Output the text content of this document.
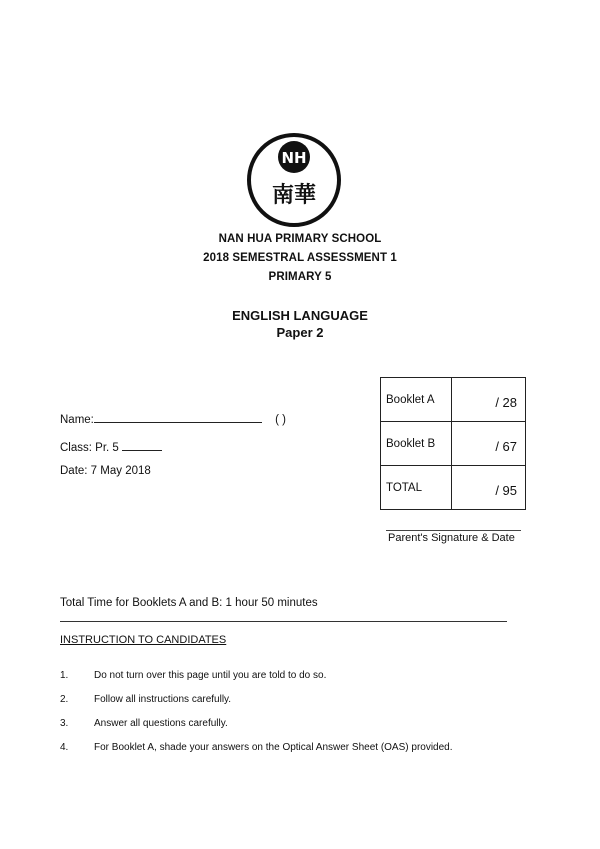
NH
南華
NAN HUA PRIMARY SCHOOL
2018 SEMESTRAL ASSESSMENT 1
PRIMARY 5
ENGLISH LANGUAGE
Paper 2
Booklet A	/ 28
Booklet B	/ 67
TOTAL	/ 95
Name:	( )
Class: Pr. 5
Date: 7 May 2018
Parent's Signature & Date
Total Time for Booklets A and B: 1 hour 50 minutes
INSTRUCTION TO CANDIDATES
1.	Do not turn over this page until you are told to do so.
2.	Follow all instructions carefully.
3.	Answer all questions carefully.
4.	For Booklet A, shade your answers on the Optical Answer Sheet (OAS) provided.
